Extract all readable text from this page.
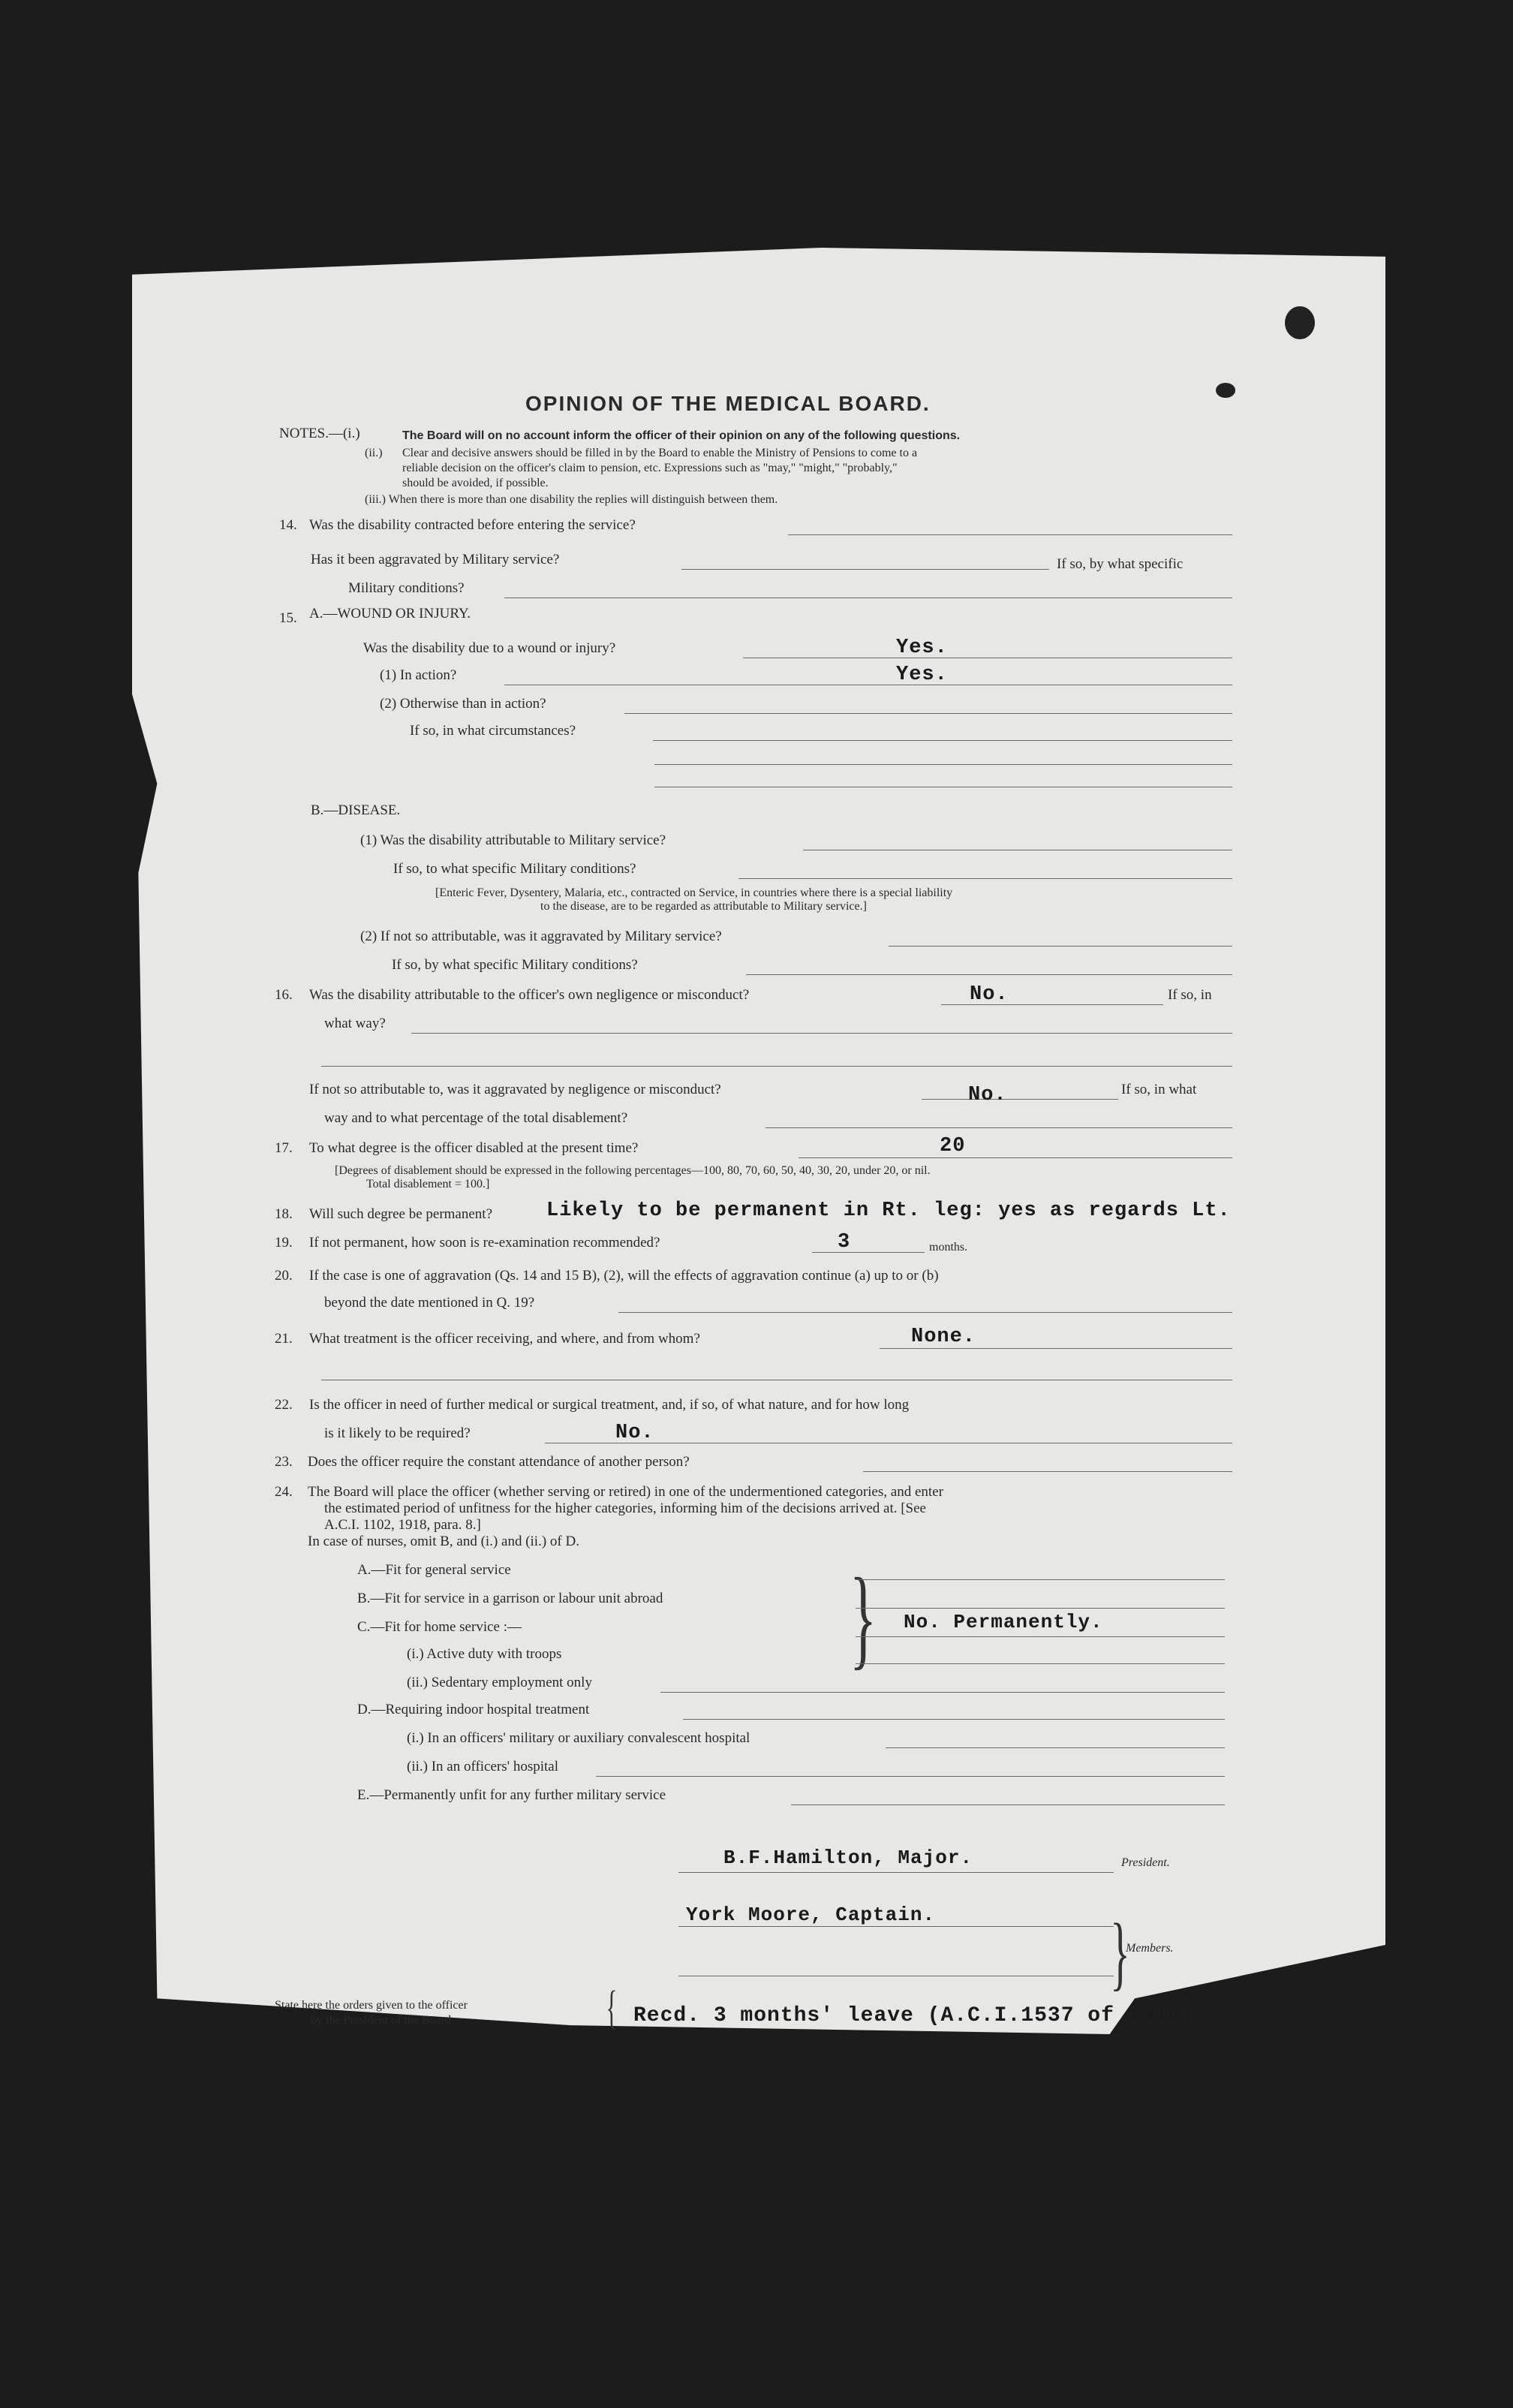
OPINION OF THE MEDICAL BOARD.
NOTES.—(i.)	The Board will on no account inform the officer of their opinion on any of the following questions.
(ii.) Clear and decisive answers should be filled in by the Board to enable the Ministry of Pensions to come to a
reliable decision on the officer's claim to pension, etc. Expressions such as "may," "might," "probably,"
should be avoided, if possible.
(iii.) When there is more than one disability the replies will distinguish between them.
14. Was the disability contracted before entering the service?
Has it been aggravated by Military service?	If so, by what specific
Military conditions?
15. A.—WOUND OR INJURY.
Was the disability due to a wound or injury?	Yes.
(1) In action?	Yes.
(2) Otherwise than in action?
If so, in what circumstances?
B.—DISEASE.
(1) Was the disability attributable to Military service?
If so, to what specific Military conditions?
[Enteric Fever, Dysentery, Malaria, etc., contracted on Service, in countries where there is a special liability
to the disease, are to be regarded as attributable to Military service.]
(2) If not so attributable, was it aggravated by Military service?
If so, by what specific Military conditions?
16. Was the disability attributable to the officer's own negligence or misconduct?	No.	If so, in
what way?
If not so attributable to, was it aggravated by negligence or misconduct?	No.	If so, in what
way and to what percentage of the total disablement?
17. To what degree is the officer disabled at the present time?	20
[Degrees of disablement should be expressed in the following percentages—100, 80, 70, 60, 50, 40, 30, 20, under 20, or nil.
Total disablement = 100.]
18. Will such degree be permanent?	Likely to be permanent in Rt. leg: yes as regards Lt.
19. If not permanent, how soon is re-examination recommended?	3	months.
20. If the case is one of aggravation (Qs. 14 and 15 B), (2), will the effects of aggravation continue (a) up to or (b)
beyond the date mentioned in Q. 19?
21. What treatment is the officer receiving, and where, and from whom?	None.
22. Is the officer in need of further medical or surgical treatment, and, if so, of what nature, and for how long
is it likely to be required?	No.
23. Does the officer require the constant attendance of another person?
24. The Board will place the officer (whether serving or retired) in one of the undermentioned categories, and enter
the estimated period of unfitness for the higher categories, informing him of the decisions arrived at. [See
A.C.I. 1102, 1918, para. 8.]
In case of nurses, omit B, and (i.) and (ii.) of D.
A.—Fit for general service
B.—Fit for service in a garrison or labour unit abroad
C.—Fit for home service :—
(i.) Active duty with troops
(ii.) Sedentary employment only
} No. Permanently.
D.—Requiring indoor hospital treatment
(i.) In an officers' military or auxiliary convalescent hospital
(ii.) In an officers' hospital
E.—Permanently unfit for any further military service
B.F.Hamilton, Major.	President.
York Moore, Captain. }
Members.
State here the orders given to the officer
by the President of the Board	{ Recd. 3 months' leave (A.C.I.1537 of 1916).
